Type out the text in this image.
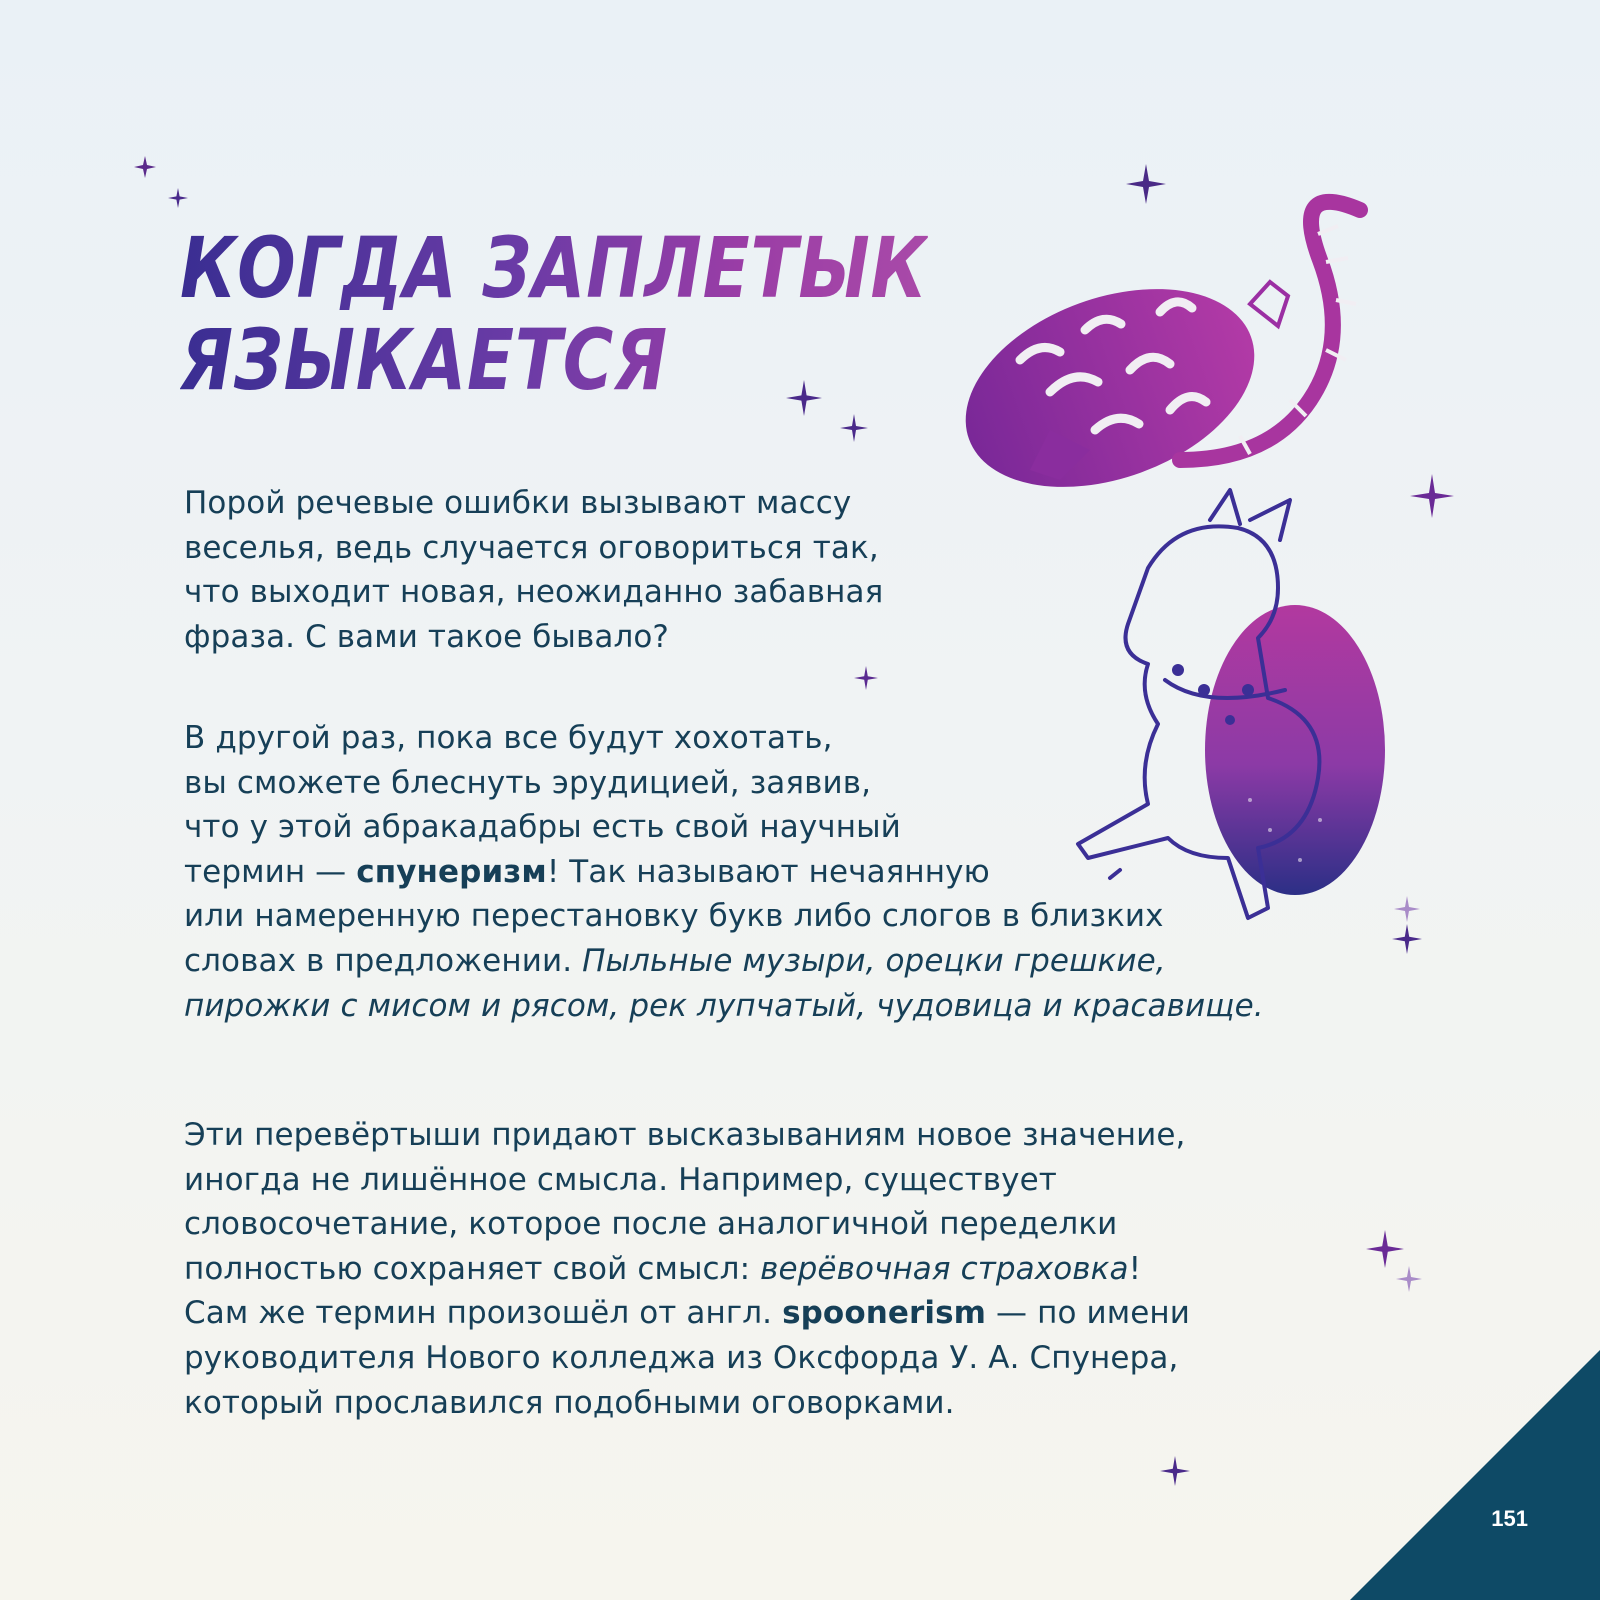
КОГДА ЗАПЛЕТЫК
ЯЗЫКАЕТСЯ
Порой речевые ошибки вызывают массу
веселья, ведь случается оговориться так,
что выходит новая, неожиданно забавная
фраза. С вами такое бывало?
В другой раз, пока все будут хохотать,
вы сможете блеснуть эрудицией, заявив,
что у этой абракадабры есть свой научный
термин — спунеризм! Так называют нечаянную
или намеренную перестановку букв либо слогов в близких
словах в предложении. Пыльные музыри, орецки грешкие,
пирожки с мисом и рясом, рек лупчатый, чудовица и красавище.
Эти перевёртыши придают высказываниям новое значение,
иногда не лишённое смысла. Например, существует
словосочетание, которое после аналогичной переделки
полностью сохраняет свой смысл: верёвочная страховка!
Сам же термин произошёл от англ. spoonerism — по имени
руководителя Нового колледжа из Оксфорда У. А. Спунера,
который прославился подобными оговорками.
151
